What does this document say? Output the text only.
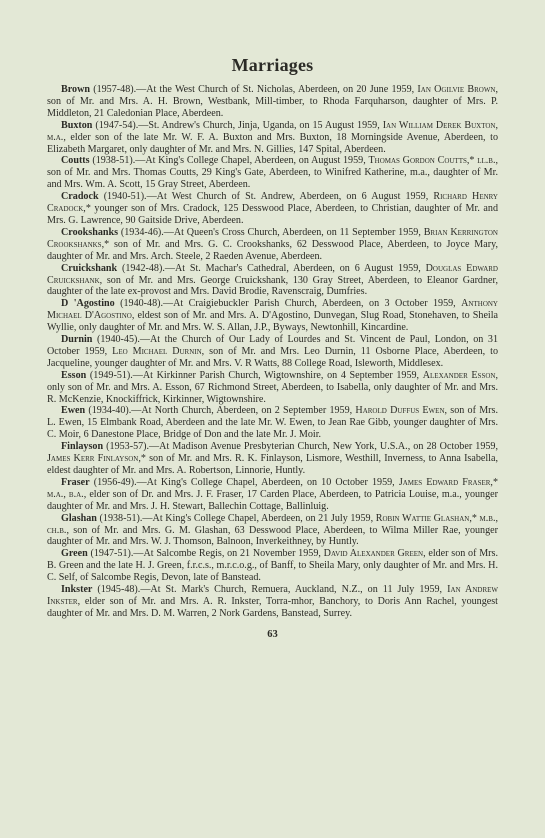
Marriages

Brown (1957-48).—At the West Church of St. Nicholas, Aberdeen, on 20 June 1959, Ian Ogilvie Brown, son of Mr. and Mrs. A. H. Brown, Westbank, Mill-timber, to Rhoda Farquharson, daughter of Mrs. P. Middleton, 21 Caledonian Place, Aberdeen.

Buxton (1947-54).—St. Andrew's Church, Jinja, Uganda, on 15 August 1959, Ian William Derek Buxton, m.a., elder son of the late Mr. W. F. A. Buxton and Mrs. Buxton, 18 Morningside Avenue, Aberdeen, to Elizabeth Margaret, only daughter of Mr. and Mrs. N. Gillies, 147 Spital, Aberdeen.

Coutts (1938-51).—At King's College Chapel, Aberdeen, on August 1959, Thomas Gordon Coutts,* ll.b., son of Mr. and Mrs. Thomas Coutts, 29 King's Gate, Aberdeen, to Winifred Katherine, m.a., daughter of Mr. and Mrs. Wm. A. Scott, 15 Gray Street, Aberdeen.

Cradock (1940-51).—At West Church of St. Andrew, Aberdeen, on 6 August 1959, Richard Henry Cradock,* younger son of Mrs. Cradock, 125 Desswood Place, Aberdeen, to Christian, daughter of Mr. and Mrs. G. Lawrence, 90 Gaitside Drive, Aberdeen.

Crookshanks (1934-46).—At Queen's Cross Church, Aberdeen, on 11 September 1959, Brian Kerrington Crookshanks,* son of Mr. and Mrs. G. C. Crookshanks, 62 Desswood Place, Aberdeen, to Joyce Mary, daughter of Mr. and Mrs. Arch. Steele, 2 Raeden Avenue, Aberdeen.

Cruickshank (1942-48).—At St. Machar's Cathedral, Aberdeen, on 6 August 1959, Douglas Edward Cruickshank, son of Mr. and Mrs. George Cruickshank, 130 Gray Street, Aberdeen, to Eleanor Gardner, daughter of the late ex-provost and Mrs. David Brodie, Ravenscraig, Dumfries.

D 'Agostino (1940-48).—At Craigiebuckler Parish Church, Aberdeen, on 3 October 1959, Anthony Michael D'Agostino, eldest son of Mr. and Mrs. A. D'Agostino, Dunvegan, Slug Road, Stonehaven, to Sheila Wyllie, only daughter of Mr. and Mrs. W. S. Allan, J.P., Byways, Newtonhill, Kincardine.

Durnin (1940-45).—At the Church of Our Lady of Lourdes and St. Vincent de Paul, London, on 31 October 1959, Leo Michael Durnin, son of Mr. and Mrs. Leo Durnin, 11 Osborne Place, Aberdeen, to Jacqueline, younger daughter of Mr. and Mrs. V. R Watts, 88 College Road, Isleworth, Middlesex.

Esson (1949-51).—At Kirkinner Parish Church, Wigtownshire, on 4 September 1959, Alexander Esson, only son of Mr. and Mrs. A. Esson, 67 Richmond Street, Aberdeen, to Isabella, only daughter of Mr. and Mrs. R. McKenzie, Knockiffrick, Kirkinner, Wigtownshire.

Ewen (1934-40).—At North Church, Aberdeen, on 2 September 1959, Harold Duffus Ewen, son of Mrs. L. Ewen, 15 Elmbank Road, Aberdeen and the late Mr. W. Ewen, to Jean Rae Gibb, younger daughter of Mrs. C. Moir, 6 Danestone Place, Bridge of Don and the late Mr. J. Moir.

Finlayson (1953-57).—At Madison Avenue Presbyterian Church, New York, U.S.A., on 28 October 1959, James Kerr Finlayson,* son of Mr. and Mrs. R. K. Finlayson, Lismore, Westhill, Inverness, to Anna Isabella, eldest daughter of Mr. and Mrs. A. Robertson, Linnorie, Huntly.

Fraser (1956-49).—At King's College Chapel, Aberdeen, on 10 October 1959, James Edward Fraser,* m.a., b.a., elder son of Dr. and Mrs. J. F. Fraser, 17 Carden Place, Aberdeen, to Patricia Louise, m.a., younger daughter of Mr. and Mrs. J. H. Stewart, Ballechin Cottage, Ballinluig.

Glashan (1938-51).—At King's College Chapel, Aberdeen, on 21 July 1959, Robin Wattie Glashan,* m.b., ch.b., son of Mr. and Mrs. G. M. Glashan, 63 Desswood Place, Aberdeen, to Wilma Miller Rae, younger daughter of Mr. and Mrs. W. J. Thomson, Balnoon, Inverkeithney, by Huntly.

Green (1947-51).—At Salcombe Regis, on 21 November 1959, David Alexander Green, elder son of Mrs. B. Green and the late H. J. Green, f.r.c.s., m.r.c.o.g., of Banff, to Sheila Mary, only daughter of Mr. and Mrs. H. C. Self, of Salcombe Regis, Devon, late of Banstead.

Inkster (1945-48).—At St. Mark's Church, Remuera, Auckland, N.Z., on 11 July 1959, Ian Andrew Inkster, elder son of Mr. and Mrs. A. R. Inkster, Torra-mhor, Banchory, to Doris Ann Rachel, youngest daughter of Mr. and Mrs. D. M. Warren, 2 Nork Gardens, Banstead, Surrey.

63
